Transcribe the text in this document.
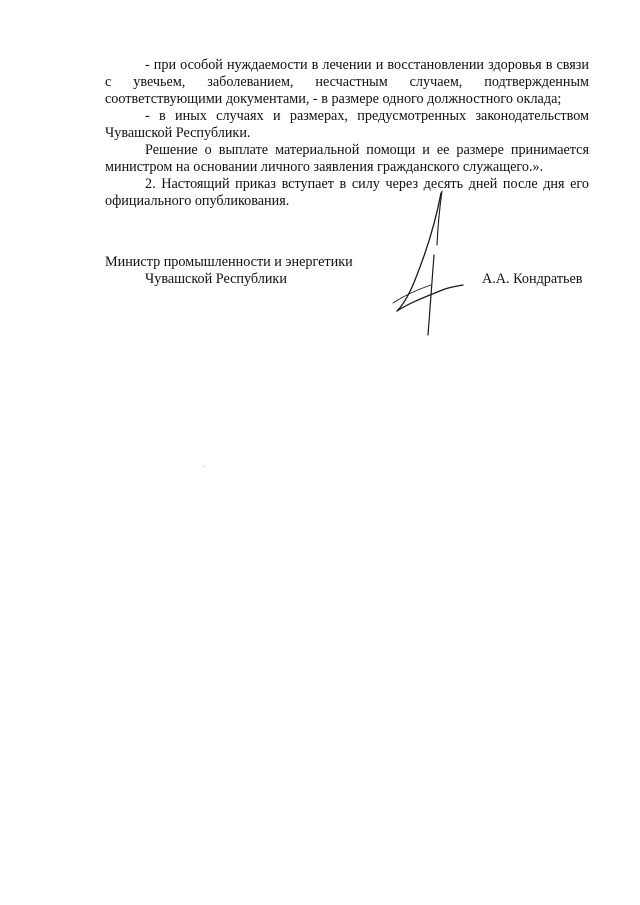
- при особой нуждаемости в лечении и восстановлении здоровья в связи с увечьем, заболеванием, несчастным случаем, подтвержденным соответствующими документами, - в размере одного должностного оклада;

- в иных случаях и размерах, предусмотренных законодательством Чувашской Республики.

Решение о выплате материальной помощи и ее размере принимается министром на основании личного заявления гражданского служащего.».

2. Настоящий приказ вступает в силу через десять дней после дня его официального опубликования.

Министр промышленности и энергетики
Чувашской Республики	А.А. Кондратьев
